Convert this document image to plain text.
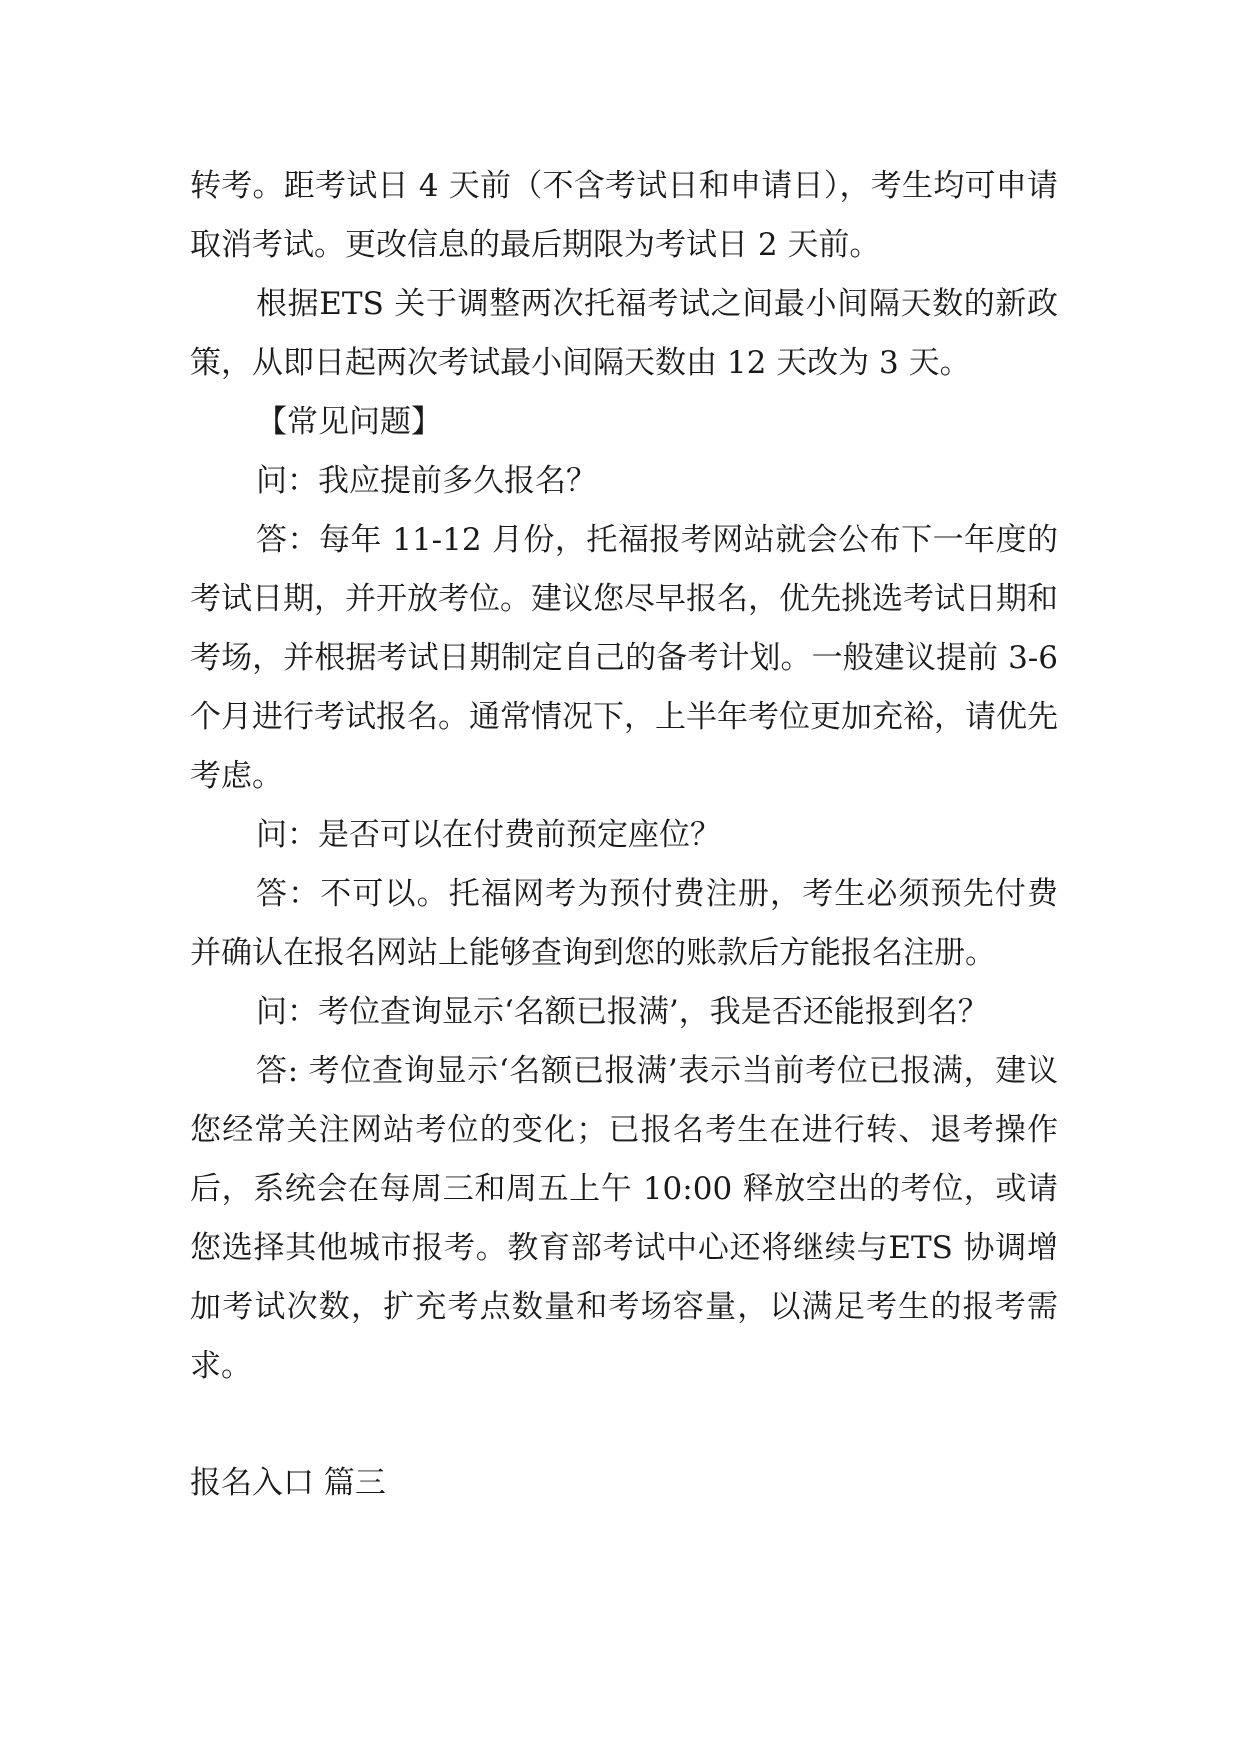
转考。距考试日 4 天前（不含考试日和申请日），考生均可申请取消考试。更改信息的最后期限为考试日 2 天前。

根据ETS 关于调整两次托福考试之间最小间隔天数的新政策，从即日起两次考试最小间隔天数由 12 天改为 3 天。

【常见问题】

问：我应提前多久报名？

答：每年 11-12 月份，托福报考网站就会公布下一年度的考试日期，并开放考位。建议您尽早报名，优先挑选考试日期和考场，并根据考试日期制定自己的备考计划。一般建议提前 3-6 个月进行考试报名。通常情况下，上半年考位更加充裕，请优先考虑。

问：是否可以在付费前预定座位？

答：不可以。托福网考为预付费注册，考生必须预先付费并确认在报名网站上能够查询到您的账款后方能报名注册。

问：考位查询显示‘名额已报满’，我是否还能报到名？

答: 考位查询显示‘名额已报满’表示当前考位已报满，建议您经常关注网站考位的变化；已报名考生在进行转、退考操作后，系统会在每周三和周五上午 10:00 释放空出的考位，或请您选择其他城市报考。教育部考试中心还将继续与ETS 协调增加考试次数，扩充考点数量和考场容量，以满足考生的报考需求。

报名入口 篇三
